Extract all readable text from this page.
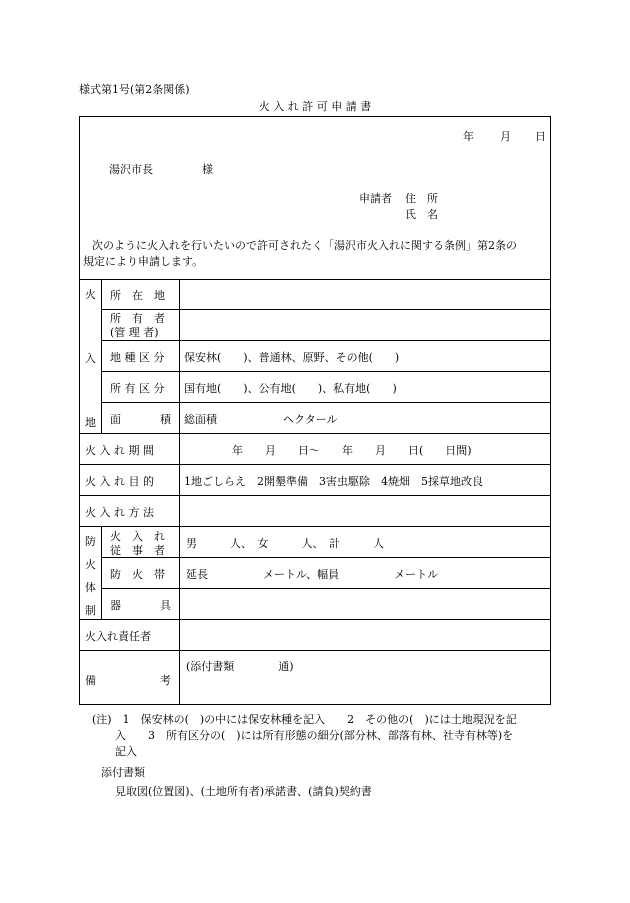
様式第1号(第2条関係)
火 入 れ 許 可 申 請 書
年 月 日
湯沢市長	様
申請者 住　所
氏　名
次のように火入れを行いたいので許可されたく「湯沢市火入れに関する条例」第2条の
規定により申請します。
火
入
地
所　在　地
所　有　者
(管 理 者)
地 種 区 分 保安林(　　)、普通林、原野、その他(　　)
所 有 区 分 国有地(　　)、公有地(　　)、私有地(　　)
面	積 総面積　　　　　　ヘクタール
火 入 れ 期 間	年　　月　　日〜　　年　　月　　日(　　日間)
火 入 れ 目 的	1地ごしらえ　2開墾準備　3害虫駆除　4焼畑　5採草地改良
火 入 れ 方 法
防
火
体
制
火　入　れ
従　事　者
男　　　人、　女　　　人、　計　　　人
防　火　帯 延長　　　　　メートル、幅員　　　　　メートル
器	具
火入れ責任者
備	考
(添付書類　　　　通)
(注)　1　保安林の(　)の中には保安林種を記入　　2　その他の(　)には土地現況を記
入　　3　所有区分の(　)には所有形態の細分(部分林、部落有林、社寺有林等)を
記入
添付書類
見取図(位置図)、(土地所有者)承諾書、(請負)契約書
